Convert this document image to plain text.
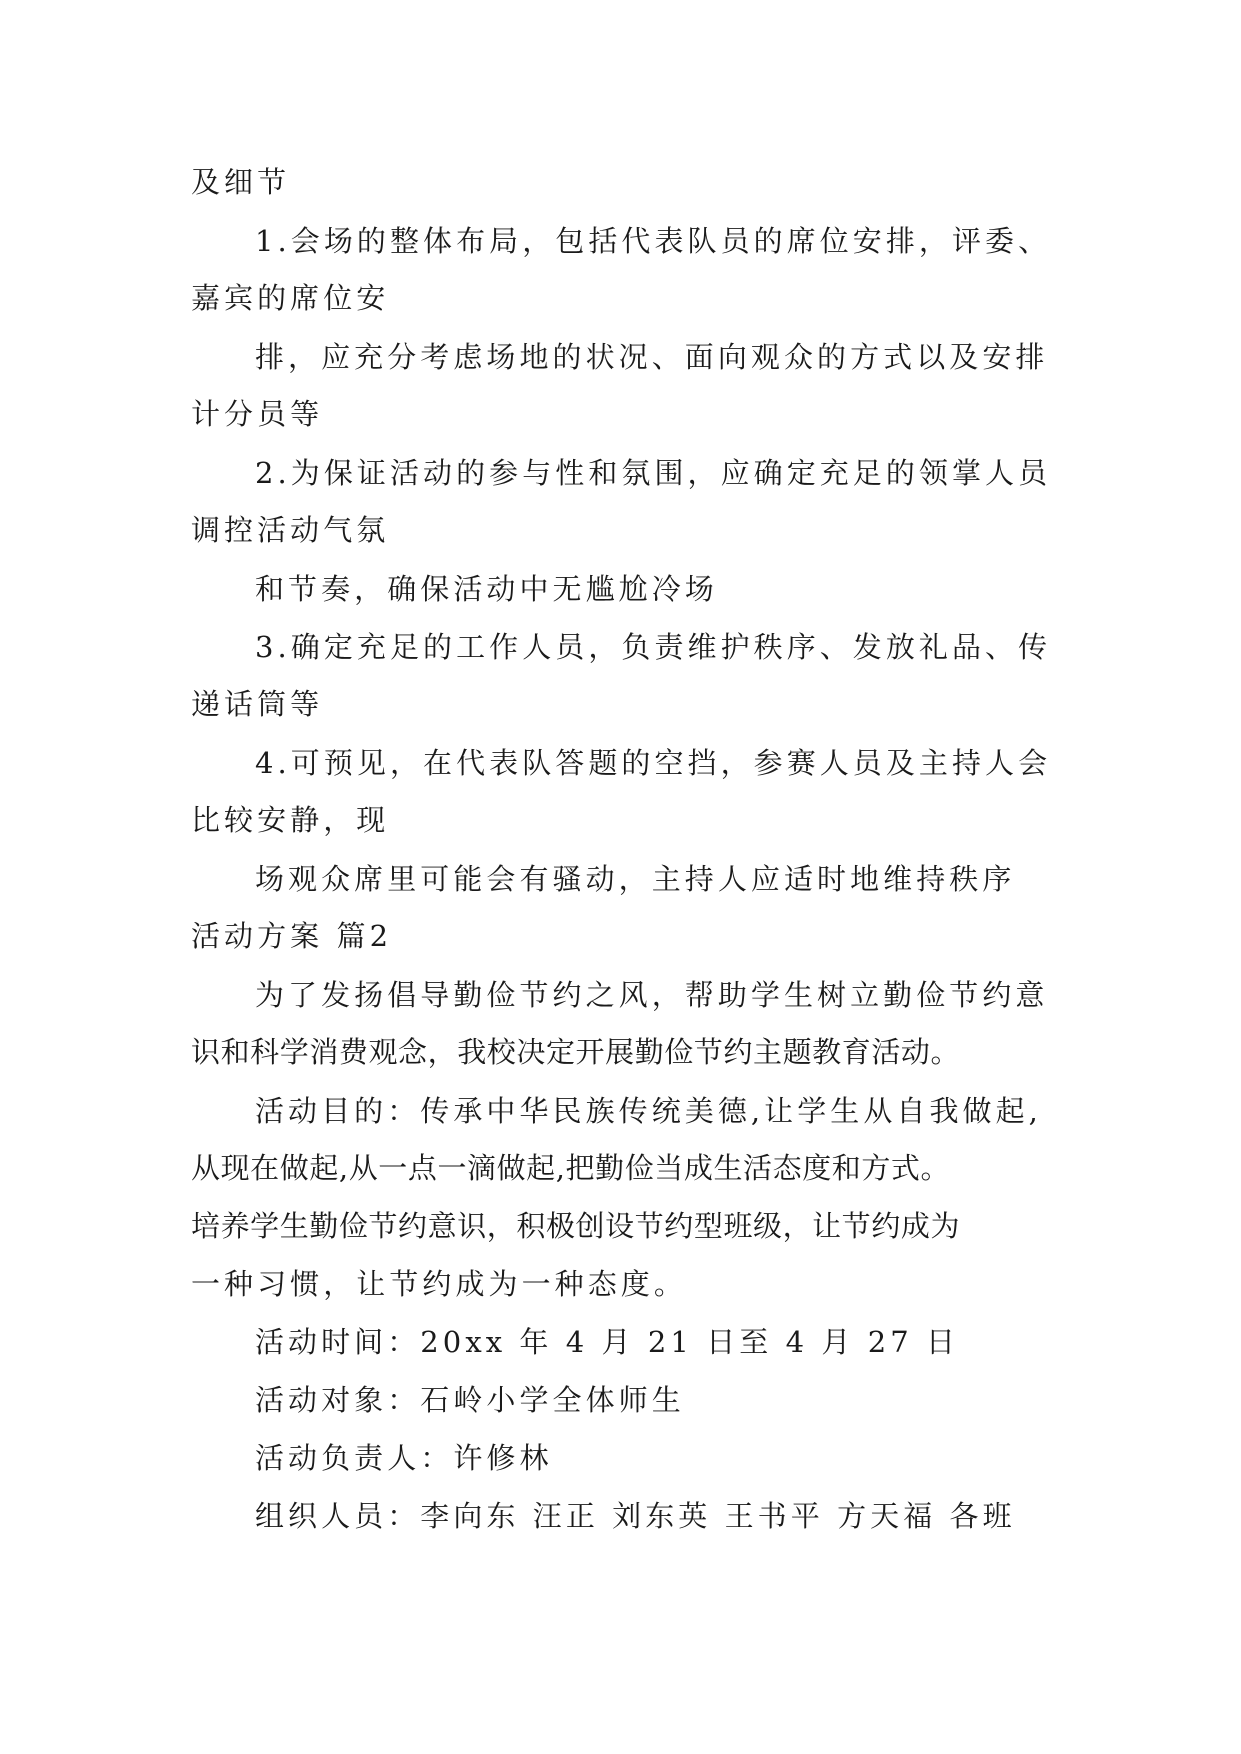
及细节
1.会场的整体布局，包括代表队员的席位安排，评委、
嘉宾的席位安
排，应充分考虑场地的状况、面向观众的方式以及安排
计分员等
2.为保证活动的参与性和氛围，应确定充足的领掌人员
调控活动气氛
和节奏，确保活动中无尴尬冷场
3.确定充足的工作人员，负责维护秩序、发放礼品、传
递话筒等
4.可预见，在代表队答题的空挡，参赛人员及主持人会
比较安静，现
场观众席里可能会有骚动，主持人应适时地维持秩序
活动方案 篇2
为了发扬倡导勤俭节约之风，帮助学生树立勤俭节约意
识和科学消费观念，我校决定开展勤俭节约主题教育活动。
活动目的：传承中华民族传统美德,让学生从自我做起,
从现在做起,从一点一滴做起,把勤俭当成生活态度和方式。
培养学生勤俭节约意识，积极创设节约型班级，让节约成为
一种习惯，让节约成为一种态度。
活动时间：20xx 年 4 月 21 日至 4 月 27 日
活动对象：石岭小学全体师生
活动负责人：许修林
组织人员：李向东 汪正 刘东英 王书平 方天福 各班
